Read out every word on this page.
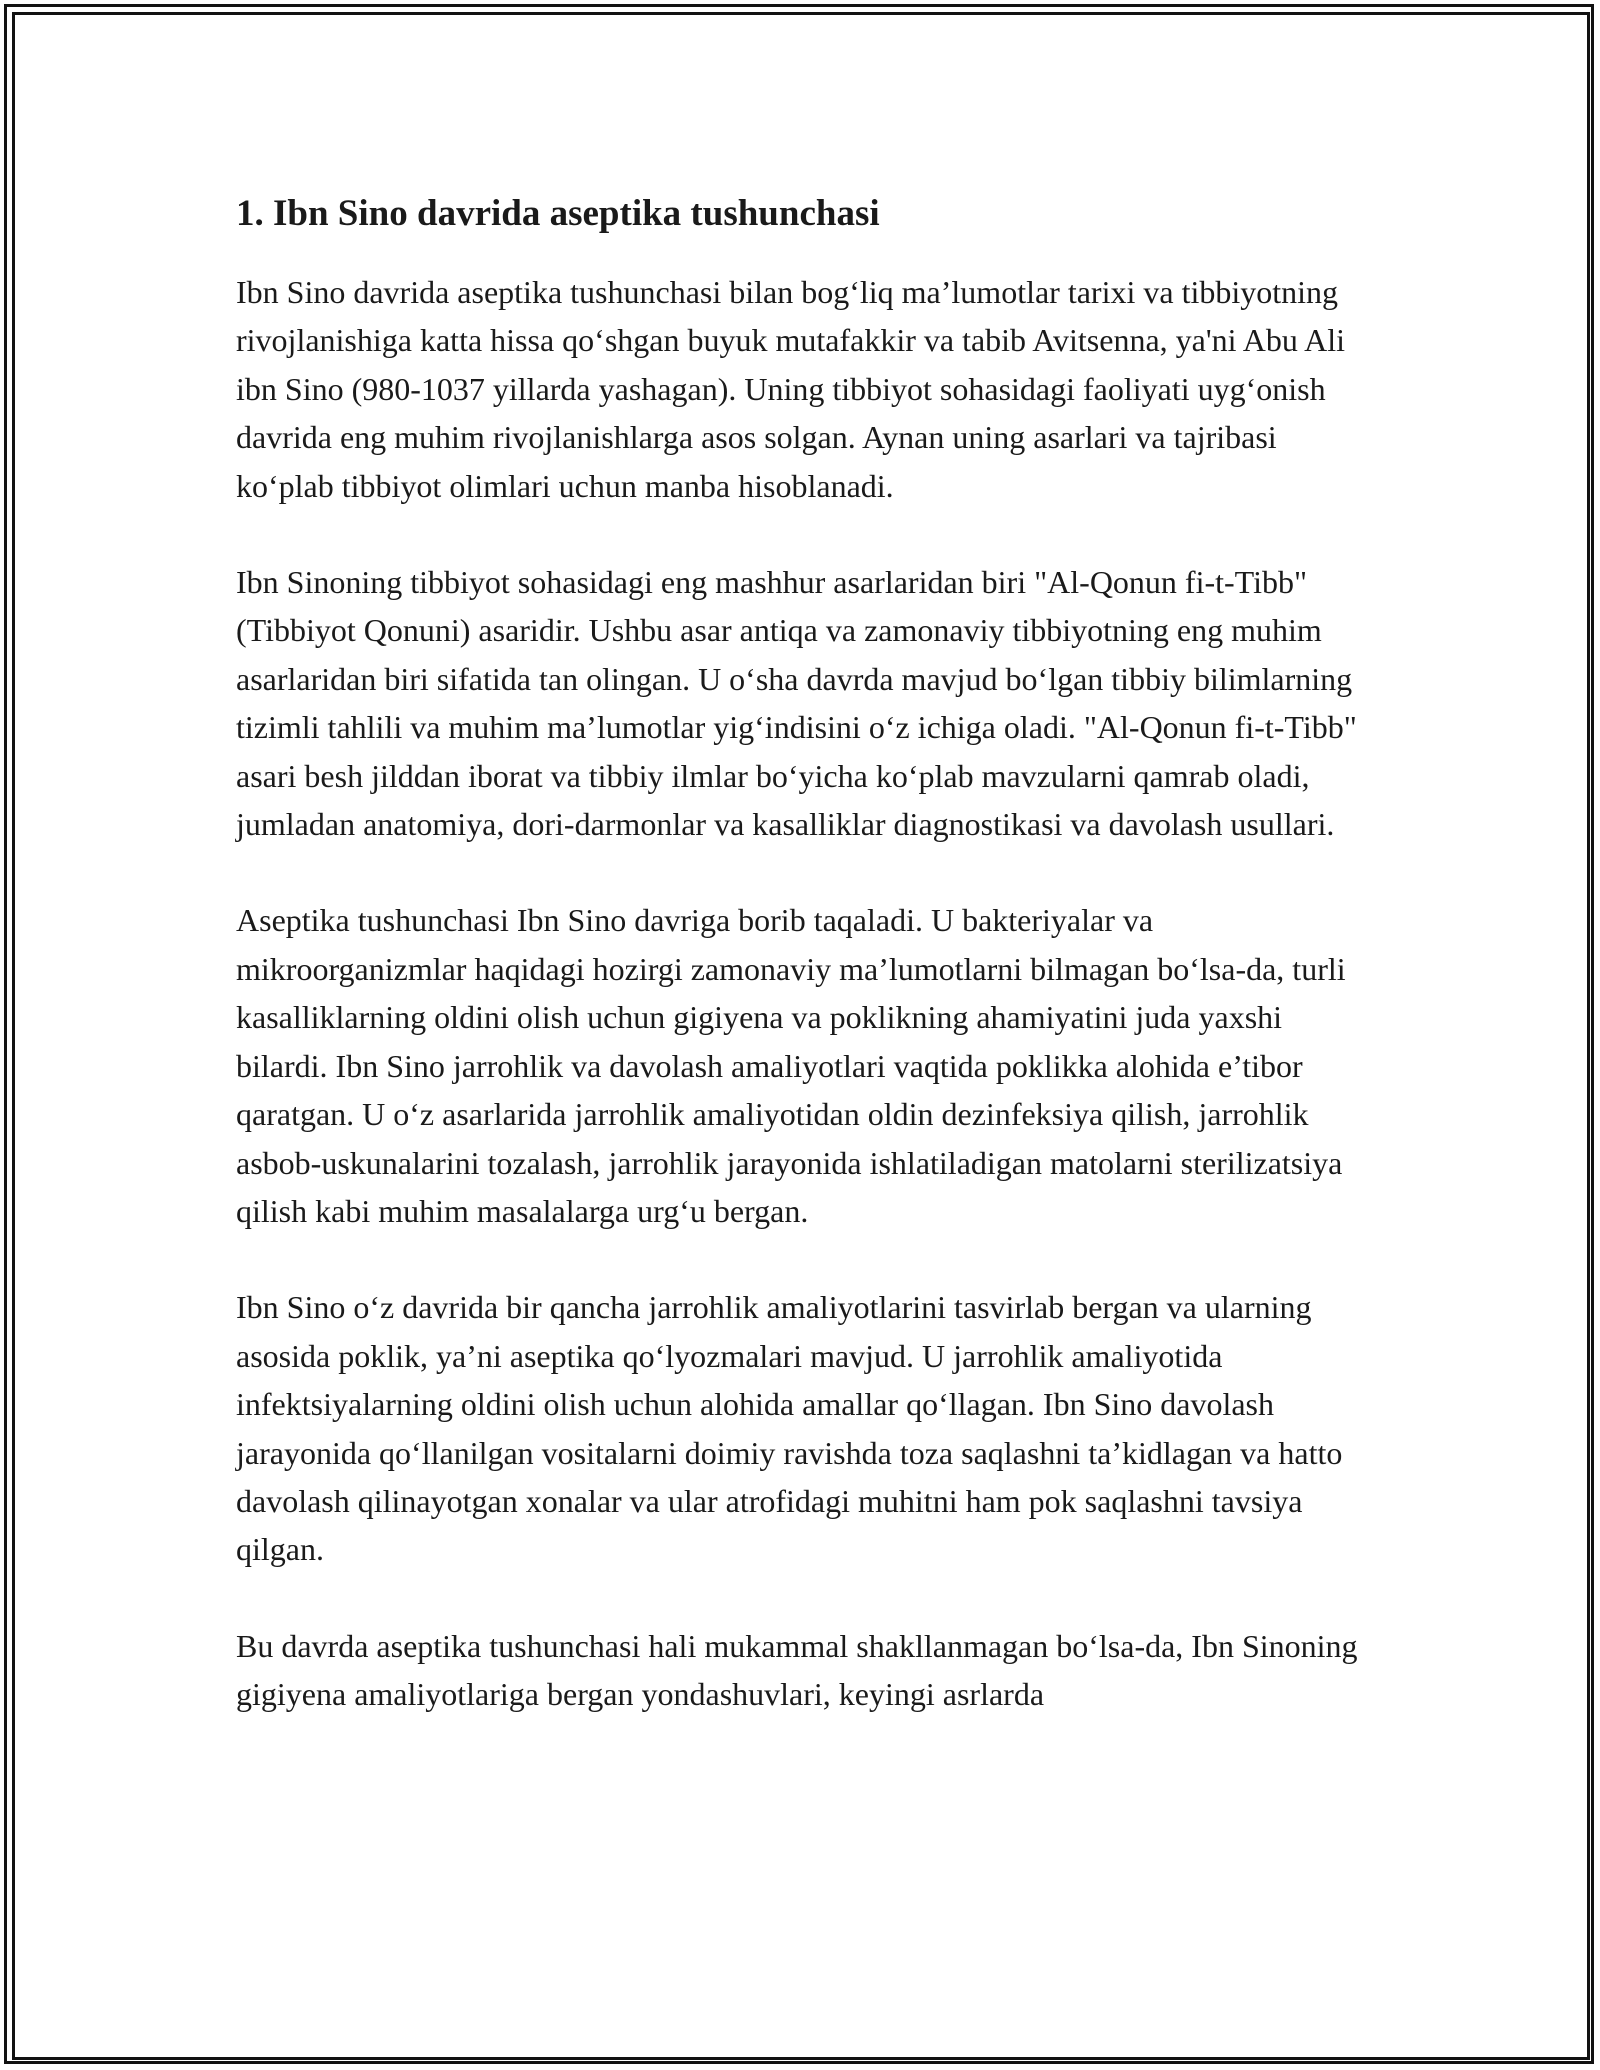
1. Ibn Sino davrida aseptika tushunchasi

Ibn Sino davrida aseptika tushunchasi bilan bog‘liq ma’lumotlar tarixi va tibbiyotning rivojlanishiga katta hissa qo‘shgan buyuk mutafakkir va tabib Avitsenna, ya'ni Abu Ali ibn Sino (980-1037 yillarda yashagan). Uning tibbiyot sohasidagi faoliyati uyg‘onish davrida eng muhim rivojlanishlarga asos solgan. Aynan uning asarlari va tajribasi ko‘plab tibbiyot olimlari uchun manba hisoblanadi.

Ibn Sinoning tibbiyot sohasidagi eng mashhur asarlaridan biri "Al-Qonun fi-t-Tibb" (Tibbiyot Qonuni) asaridir. Ushbu asar antiqa va zamonaviy tibbiyotning eng muhim asarlaridan biri sifatida tan olingan. U o‘sha davrda mavjud bo‘lgan tibbiy bilimlarning tizimli tahlili va muhim ma’lumotlar yig‘indisini o‘z ichiga oladi. "Al-Qonun fi-t-Tibb" asari besh jilddan iborat va tibbiy ilmlar bo‘yicha ko‘plab mavzularni qamrab oladi, jumladan anatomiya, dori-darmonlar va kasalliklar diagnostikasi va davolash usullari.

Aseptika tushunchasi Ibn Sino davriga borib taqaladi. U bakteriyalar va mikroorganizmlar haqidagi hozirgi zamonaviy ma’lumotlarni bilmagan bo‘lsa-da, turli kasalliklarning oldini olish uchun gigiyena va poklikning ahamiyatini juda yaxshi bilardi. Ibn Sino jarrohlik va davolash amaliyotlari vaqtida poklikka alohida e’tibor qaratgan. U o‘z asarlarida jarrohlik amaliyotidan oldin dezinfeksiya qilish, jarrohlik asbob-uskunalarini tozalash, jarrohlik jarayonida ishlatiladigan matolarni sterilizatsiya qilish kabi muhim masalalarga urg‘u bergan.

Ibn Sino o‘z davrida bir qancha jarrohlik amaliyotlarini tasvirlab bergan va ularning asosida poklik, ya’ni aseptika qo‘lyozmalari mavjud. U jarrohlik amaliyotida infektsiyalarning oldini olish uchun alohida amallar qo‘llagan. Ibn Sino davolash jarayonida qo‘llanilgan vositalarni doimiy ravishda toza saqlashni ta’kidlagan va hatto davolash qilinayotgan xonalar va ular atrofidagi muhitni ham pok saqlashni tavsiya qilgan.

Bu davrda aseptika tushunchasi hali mukammal shakllanmagan bo‘lsa-da, Ibn Sinoning gigiyena amaliyotlariga bergan yondashuvlari, keyingi asrlarda
